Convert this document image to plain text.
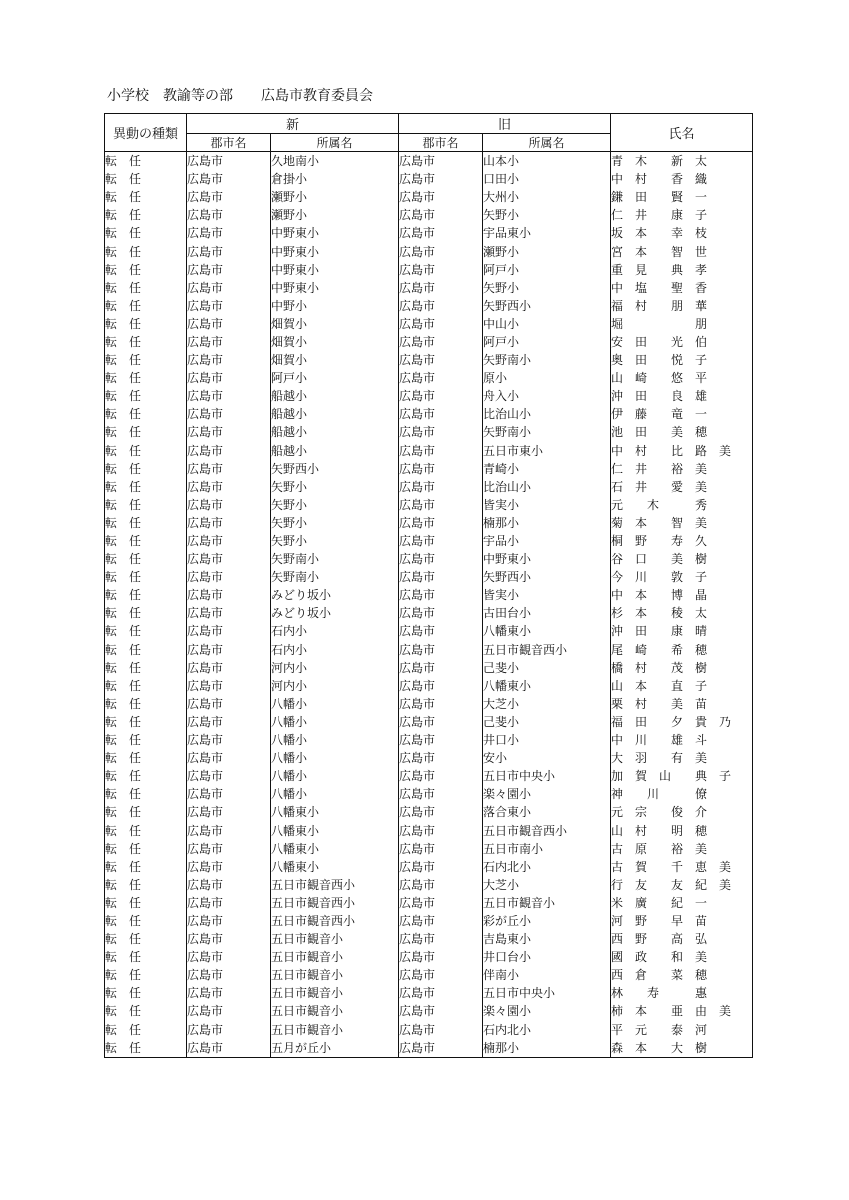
小学校　教諭等の部　　広島市教育委員会
異動の種類	新		旧		氏名
	郡市名	所属名	郡市名	所属名	
転　任	広島市	久地南小	広島市	山本小	青　木　　新　太
転　任	広島市	倉掛小	広島市	口田小	中　村　　香　織
転　任	広島市	瀬野小	広島市	大州小	鎌　田　　賢　一
転　任	広島市	瀬野小	広島市	矢野小	仁　井　　康　子
転　任	広島市	中野東小	広島市	宇品東小	坂　本　　幸　枝
転　任	広島市	中野東小	広島市	瀬野小	宮　本　　智　世
転　任	広島市	中野東小	広島市	阿戸小	重　見　　典　孝
転　任	広島市	中野東小	広島市	矢野小	中　塩　　聖　香
転　任	広島市	中野小	広島市	矢野西小	福　村　　朋　華
転　任	広島市	畑賀小	広島市	中山小	堀　　　　　　朋
転　任	広島市	畑賀小	広島市	阿戸小	安　田　　光　伯
転　任	広島市	畑賀小	広島市	矢野南小	奥　田　　悦　子
転　任	広島市	阿戸小	広島市	原小	山　崎　　悠　平
転　任	広島市	船越小	広島市	舟入小	沖　田　　良　雄
転　任	広島市	船越小	広島市	比治山小	伊　藤　　竜　一
転　任	広島市	船越小	広島市	矢野南小	池　田　　美　穂
転　任	広島市	船越小	広島市	五日市東小	中　村　　比　路　美
転　任	広島市	矢野西小	広島市	青崎小	仁　井　　裕　美
転　任	広島市	矢野小	広島市	比治山小	石　井　　愛　美
転　任	広島市	矢野小	広島市	皆実小	元　　木　　　秀
転　任	広島市	矢野小	広島市	楠那小	菊　本　　智　美
転　任	広島市	矢野小	広島市	宇品小	桐　野　　寿　久
転　任	広島市	矢野南小	広島市	中野東小	谷　口　　美　樹
転　任	広島市	矢野南小	広島市	矢野西小	今　川　　敦　子
転　任	広島市	みどり坂小	広島市	皆実小	中　本　　博　晶
転　任	広島市	みどり坂小	広島市	古田台小	杉　本　　稜　太
転　任	広島市	石内小	広島市	八幡東小	沖　田　　康　晴
転　任	広島市	石内小	広島市	五日市観音西小	尾　崎　　希　穂
転　任	広島市	河内小	広島市	己斐小	橋　村　　茂　樹
転　任	広島市	河内小	広島市	八幡東小	山　本　　直　子
転　任	広島市	八幡小	広島市	大芝小	栗　村　　美　苗
転　任	広島市	八幡小	広島市	己斐小	福　田　　夕　貴　乃
転　任	広島市	八幡小	広島市	井口小	中　川　　雄　斗
転　任	広島市	八幡小	広島市	安小	大　羽　　有　美
転　任	広島市	八幡小	広島市	五日市中央小	加　賀　山　　典　子
転　任	広島市	八幡小	広島市	楽々園小	神　　川　　　僚
転　任	広島市	八幡東小	広島市	落合東小	元　宗　　俊　介
転　任	広島市	八幡東小	広島市	五日市観音西小	山　村　　明　穂
転　任	広島市	八幡東小	広島市	五日市南小	古　原　　裕　美
転　任	広島市	八幡東小	広島市	石内北小	古　賀　　千　恵　美
転　任	広島市	五日市観音西小	広島市	大芝小	行　友　　友　紀　美
転　任	広島市	五日市観音西小	広島市	五日市観音小	米　廣　　紀　一
転　任	広島市	五日市観音西小	広島市	彩が丘小	河　野　　早　苗
転　任	広島市	五日市観音小	広島市	吉島東小	西　野　　高　弘
転　任	広島市	五日市観音小	広島市	井口台小	國　政　　和　美
転　任	広島市	五日市観音小	広島市	伴南小	西　倉　　菜　穂
転　任	広島市	五日市観音小	広島市	五日市中央小	林　　寿　　　惠
転　任	広島市	五日市観音小	広島市	楽々園小	柿　本　　亜　由　美
転　任	広島市	五日市観音小	広島市	石内北小	平　元　　泰　河
転　任	広島市	五月が丘小	広島市	楠那小	森　本　　大　樹
